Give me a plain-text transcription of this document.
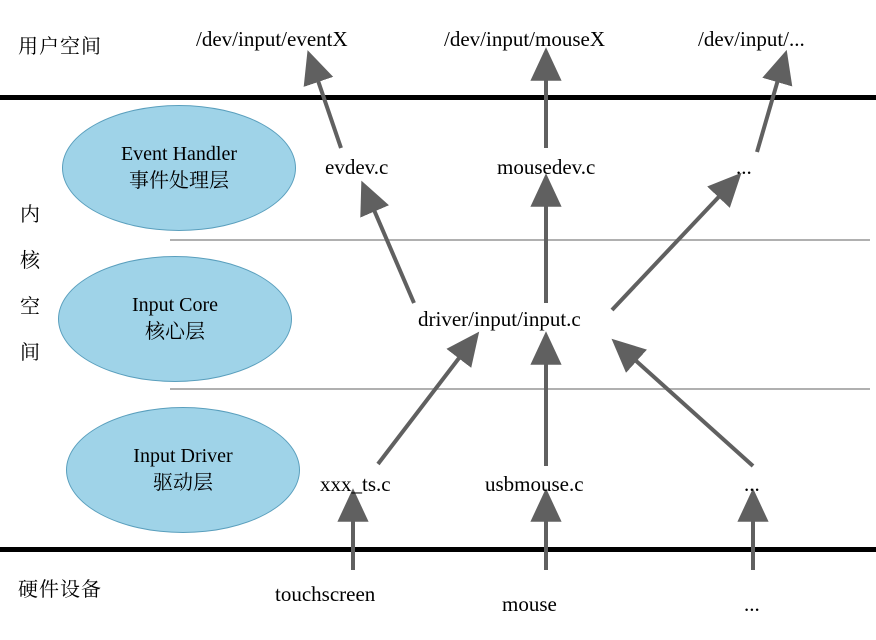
用户空间
内
核
空
间
硬件设备
Event Handler
事件处理层
Input Core
核心层
Input Driver
驱动层
/dev/input/eventX	/dev/input/mouseX	/dev/input/...
evdev.c	mousedev.c	...
driver/input/input.c
xxx_ts.c	usbmouse.c	...
touchscreen	mouse	...
